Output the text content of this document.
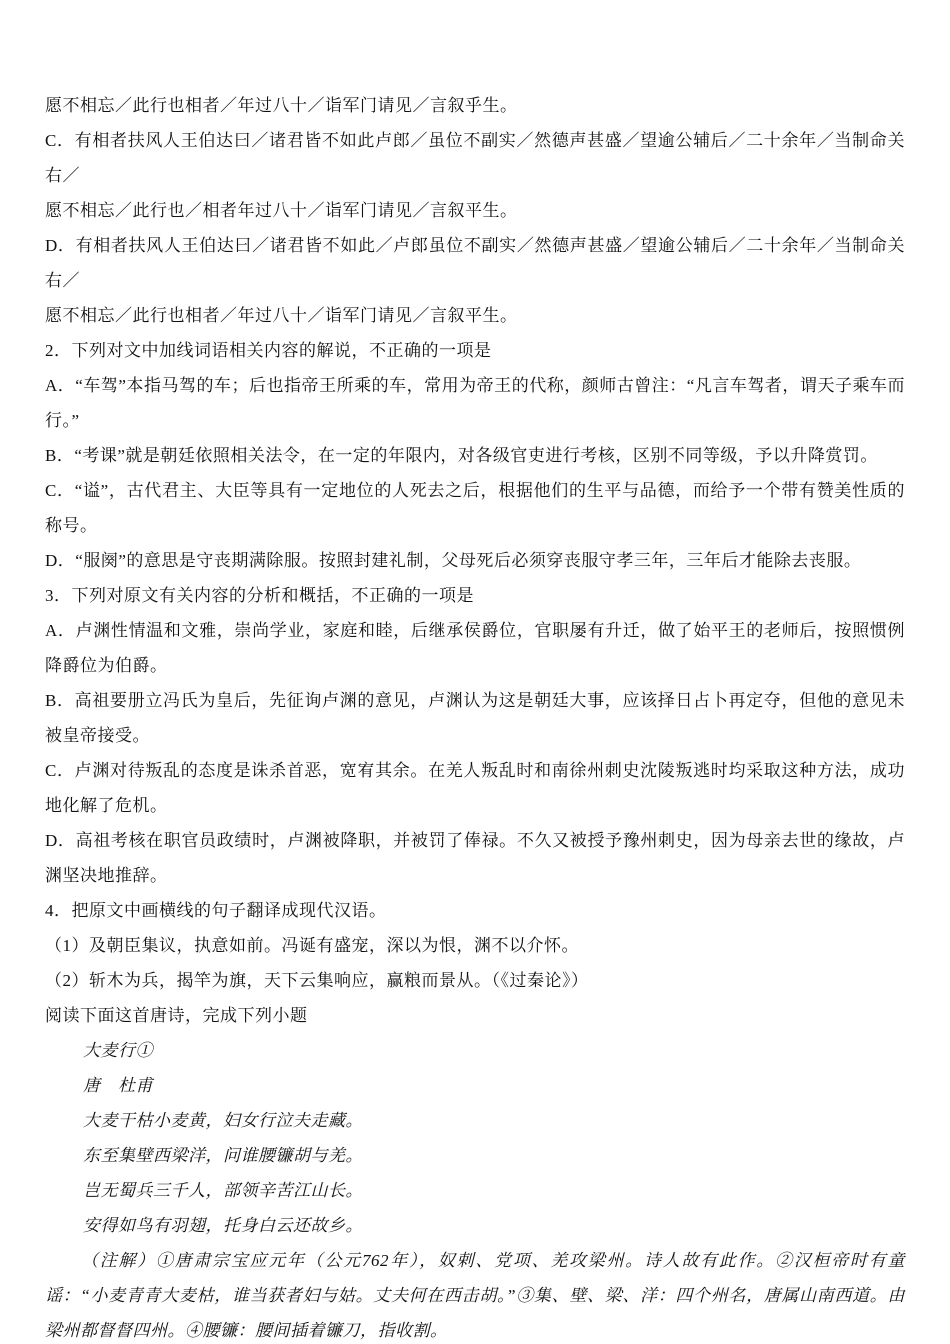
愿不相忘／此行也相者／年过八十／诣军门请见／言叙乎生。

C．有相者扶风人王伯达曰／诸君皆不如此卢郎／虽位不副实／然德声甚盛／望逾公辅后／二十余年／当制命关右／

愿不相忘／此行也／相者年过八十／诣军门请见／言叙平生。

D．有相者扶风人王伯达曰／诸君皆不如此／卢郎虽位不副实／然德声甚盛／望逾公辅后／二十余年／当制命关右／

愿不相忘／此行也相者／年过八十／诣军门请见／言叙平生。

2．下列对文中加线词语相关内容的解说，不正确的一项是

A．“车驾”本指马驾的车；后也指帝王所乘的车，常用为帝王的代称，颜师古曾注：“凡言车驾者，谓天子乘车而行。”

B．“考课”就是朝廷依照相关法令，在一定的年限内，对各级官吏进行考核，区别不同等级，予以升降赏罚。

C．“谥”，古代君主、大臣等具有一定地位的人死去之后，根据他们的生平与品德，而给予一个带有赞美性质的称号。

D．“服阕”的意思是守丧期满除服。按照封建礼制，父母死后必须穿丧服守孝三年，三年后才能除去丧服。

3．下列对原文有关内容的分析和概括，不正确的一项是

A．卢渊性情温和文雅，崇尚学业，家庭和睦，后继承侯爵位，官职屡有升迁，做了始平王的老师后，按照惯例降爵位为伯爵。

B．高祖要册立冯氏为皇后，先征询卢渊的意见，卢渊认为这是朝廷大事，应该择日占卜再定夺，但他的意见未被皇帝接受。

C．卢渊对待叛乱的态度是诛杀首恶，宽宥其余。在羌人叛乱时和南徐州刺史沈陵叛逃时均采取这种方法，成功地化解了危机。

D．高祖考核在职官员政绩时，卢渊被降职，并被罚了俸禄。不久又被授予豫州刺史，因为母亲去世的缘故，卢渊坚决地推辞。

4．把原文中画横线的句子翻译成现代汉语。

（1）及朝臣集议，执意如前。冯诞有盛宠，深以为恨，渊不以介怀。

（2）斩木为兵，揭竿为旗，天下云集响应，赢粮而景从。（《过秦论》）

阅读下面这首唐诗，完成下列小题

大麦行①

唐　杜甫

大麦干枯小麦黄，妇女行泣夫走藏。

东至集壁西梁洋，问谁腰镰胡与羌。

岂无蜀兵三千人，部领辛苦江山长。

安得如鸟有羽翅，托身白云还故乡。

（注解）①唐肃宗宝应元年（公元762年），奴剌、党项、羌攻梁州。诗人故有此作。②汉桓帝时有童谣：“小麦青青大麦枯，谁当获者妇与姑。丈夫何在西击胡。”③集、壁、梁、洋：四个州名，唐属山南西道。由梁州都督督四州。④腰镰：腰间插着镰刀，指收割。
